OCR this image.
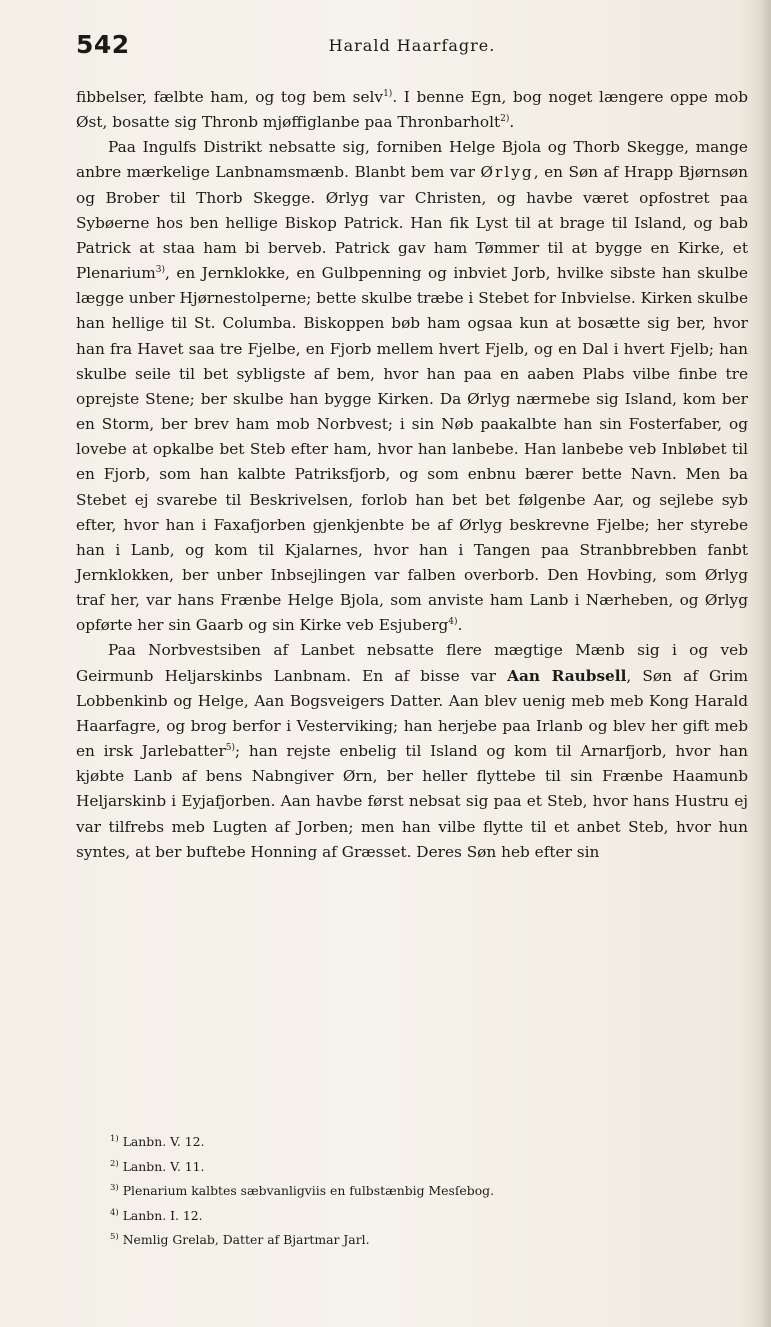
542	Harald Haarfagre.

fibbelser, fælbte ham, og tog bem selv$^{1)}$. I benne Egn, bog noget længere oppe mob Øst, bosatte sig Thronb mjøffiglanbe paa Thronbarholt$^{2)}$.

Paa Ingulfs Distrikt nebsatte sig, forniben Helge Bjola og Thorb Skegge, mange anbre mærkelige Lanbnamsmænb. Blanbt bem var Ørlyg, en Søn af Hrapp Bjørnsøn og Brober til Thorb Skegge. Ørlyg var Christen, og havbe været opfostret paa Sybøerne hos ben hellige Biskop Patrick. Han fik Lyst til at brage til Island, og bab Patrick at staa ham bi bervеb. Patrick gav ham Tømmer til at bygge en Kirke, et Plenarium$^{3)}$, en Jernklokke, en Gulbpenning og inbviet Jorb, hvilke sibste han skulbe lægge unber Hjørnestolperne; bette skulbe træbe i Stebet for Inbvielse. Kirken skulbe han hellige til St. Columba. Biskoppen bøb ham ogsaa kun at bosætte sig ber, hvor han fra Havet saa tre Fjelbe, en Fjorb mellem hvert Fjelb, og en Dal i hvert Fjelb; han skulbe seile til bet sybligste af bem, hvor han paa en aaben Plabs vilbe finbe tre oprejste Stene; ber skulbe han bygge Kirken. Da Ørlyg nærmebe sig Island, kom ber en Storm, ber brev ham mob Norbvest; i sin Nøb paakalbte han sin Fosterfaber, og lovebe at opkalbe bet Steb efter ham, hvor han lanbebe. Han lanbebe veb Inbløbet til en Fjorb, som han kalbte Patriksfjorb, og som enbnu bærer bette Navn. Men ba Stebet ej svarebe til Beskrivelsen, forlob han bet bet følgenbe Aar, og sejlebe syb efter, hvor han i Faxafjorben gjenkjenbte be af Ørlyg beskrevne Fjelbe; her styrebe han i Lanb, og kom til Kjalarnes, hvor han i Tangen paa Stranbbrebben fanbt Jernklokken, ber unber Inbsejlingen var falben overborb. Den Hovbing, som Ørlyg traf her, var hans Frænbe Helge Bjola, som anviste ham Lanb i Nærhebеn, og Ørlyg opførte her sin Gaarb og sin Kirke veb Esjuberg$^{4)}$.

Paa Norbvestsiben af Lanbet nebsatte flere mægtige Mænb sig i og veb Geirmunb Heljarskinbs Lanbnam. En af bisse var Aan Raubsell, Søn af Grim Lobbenkinb og Helge, Aan Bogsveigers Datter. Aan blev uenig meb meb Kong Harald Haarfagre, og brog berfor i Vesterviking; han herjebe paa Irlanb og blev her gift meb en irsk Jarlebatter$^{5)}$; han rejste enbelig til Island og kom til Arnarfjorb, hvor han kjøbte Lanb af bens Nabngiver Ørn, ber heller flyttebe til sin Frænbe Haamunb Heljarskinb i Eyjafjorben. Aan havbe først nebsat sig paa et Steb, hvor hans Hustru ej var tilfrebs meb Lugten af Jorben; men han vilbe flytte til et anbet Steb, hvor hun syntes, at ber buftebe Honning af Græsset. Deres Søn heb efter sin

$^{1)}$ Lanbn. V. 12.
$^{2)}$ Lanbn. V. 11.
$^{3)}$ Plenarium kalbtes sæbvanligviis en fulbstænbig Mesſebog.
$^{4)}$ Lanbn. I. 12.
$^{5)}$ Nemlig Grelab, Datter af Bjartmar Jarl.
